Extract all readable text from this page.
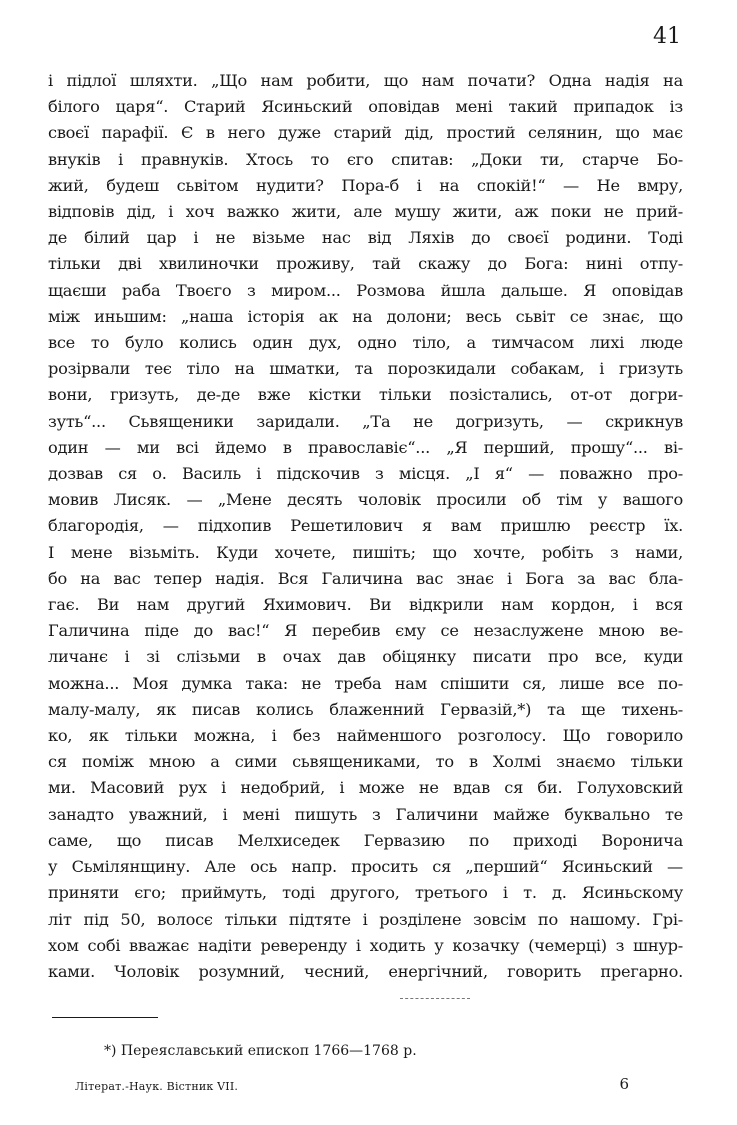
41
і підлої шляхти. „Що нам робити, що нам почати? Одна надія на
білого царя“. Старий Ясиньский оповідав мені такий припадок із
своєї парафії. Є в него дуже старий дід, простий селянин, що має
внуків і правнуків. Хтось то єго спитав: „Доки ти, старче Бо-
жий, будеш сьвітом нудити? Пора-б і на спокій!“ — Не вмру,
відповів дід, і хоч важко жити, але мушу жити, аж поки не прий-
де білий цар і не візьме нас від Ляхів до своєї родини. Тоді
тільки дві хвилиночки проживу, тай скажу до Бога: нині отпу-
щаєши раба Твоєго з миром... Розмова йшла дальше. Я оповідав
між иньшим: „наша історія ак на долони; весь сьвіт се знає, що
все то було колись один дух, одно тіло, а тимчасом лихі люде
розірвали теє тіло на шматки, та порозкидали собакам, і гризуть
вони, гризуть, де-де вже кістки тільки позістались, от-от догри-
зуть“... Сьвященики заридали. „Та не догризуть, — скрикнув
один — ми всі йдемо в православіє“... „Я перший, прошу“... ві-
дозвав ся о. Василь і підскочив з місця. „І я“ — поважно про-
мовив Лисяк. — „Мене десять чоловік просили об тім у вашого
благородія, — підхопив Решетилович я вам пришлю реєстр їх.
І мене візьміть. Куди хочете, пишіть; що хочте, робіть з нами,
бо на вас тепер надія. Вся Галичина вас знає і Бога за вас бла-
гає. Ви нам другий Яхимович. Ви відкрили нам кордон, і вся
Галичина піде до вас!“ Я перебив єму се незаслужене мною ве-
личанє і зі слізьми в очах дав обіцянку писати про все, куди
можна... Моя думка така: не треба нам спішити ся, лише все по-
малу-малу, як писав колись блаженний Гервазій,*) та ще тихень-
ко, як тільки можна, і без найменшого розголосу. Що говорило
ся поміж мною а сими сьвящениками, то в Холмі знаємо тільки
ми. Масовий рух і недобрий, і може не вдав ся би. Голуховский
занадто уважний, і мені пишуть з Галичини майже буквально те
саме, що писав Мелхиседек Гервазию по приході Воронича
у Сьмілянщину. Але ось напр. просить ся „перший“ Ясиньский —
приняти єго; приймуть, тоді другого, третього і т. д. Ясиньскому
літ під 50, волосє тільки підтяте і розділене зовсім по нашому. Грі-
хом собі вважає надіти реверенду і ходить у козачку (чемерці) з шнур-
ками. Чоловік розумний, чесний, енергічний, говорить прегарно.
*) Переяславський епископ 1766—1768 р.
Літерат.-Наук. Вістник VII.	6
